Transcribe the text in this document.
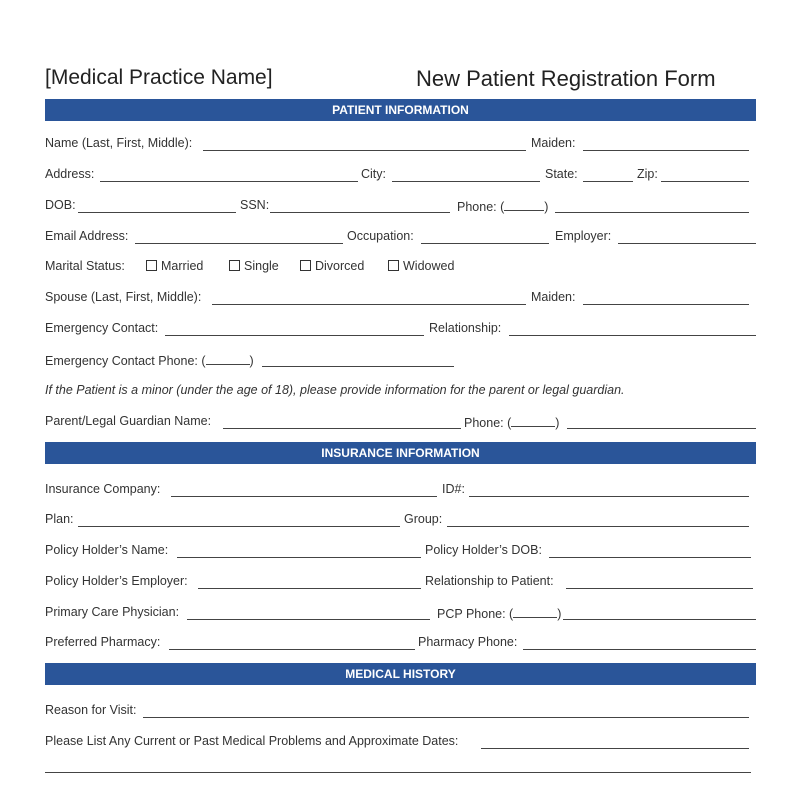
[Medical Practice Name]	New Patient Registration Form
PATIENT INFORMATION
Name (Last, First, Middle):	Maiden:
Address:	City:	State:	Zip:
DOB:	SSN:	Phone: (	)
Email Address:	Occupation:	Employer:
Marital Status:	Married	Single	Divorced	Widowed
Spouse (Last, First, Middle):	Maiden:
Emergency Contact:	Relationship:
Emergency Contact Phone: (	)
If the Patient is a minor (under the age of 18), please provide information for the parent or legal guardian.
Parent/Legal Guardian Name:	Phone: (	)
INSURANCE INFORMATION
Insurance Company:	ID#:
Plan:	Group:
Policy Holder’s Name:	Policy Holder’s DOB:
Policy Holder’s Employer:	Relationship to Patient:
Primary Care Physician:	PCP Phone: (	)
Preferred Pharmacy:	Pharmacy Phone:
MEDICAL HISTORY
Reason for Visit:
Please List Any Current or Past Medical Problems and Approximate Dates:
